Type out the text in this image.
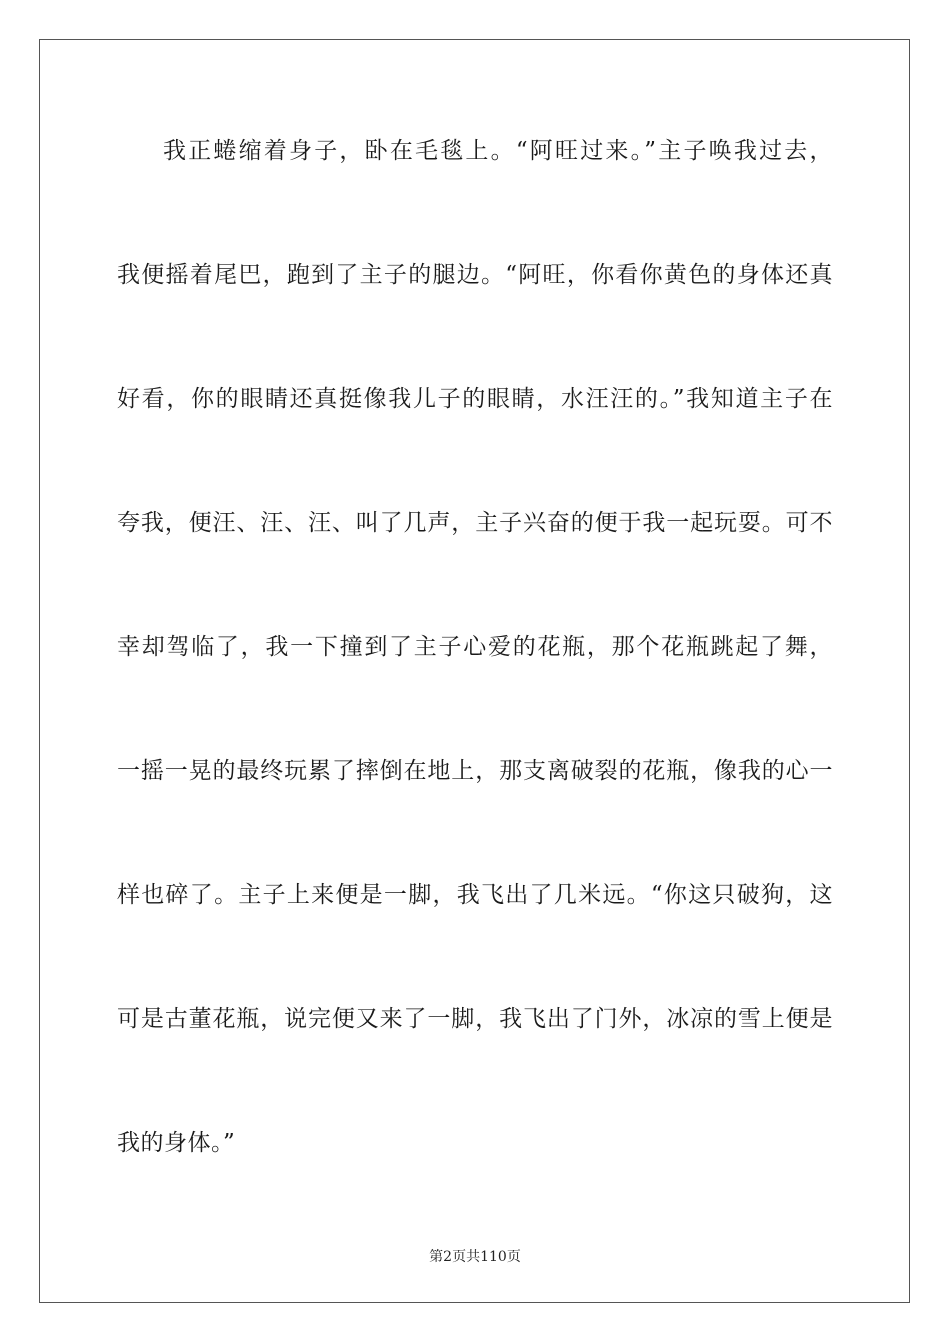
我正蜷缩着身子，卧在毛毯上。“阿旺过来。”主子唤我过去，
我便摇着尾巴，跑到了主子的腿边。“阿旺，你看你黄色的身体还真
好看，你的眼睛还真挺像我儿子的眼睛，水汪汪的。”我知道主子在
夸我，便汪、汪、汪、叫了几声，主子兴奋的便于我一起玩耍。可不
幸却驾临了，我一下撞到了主子心爱的花瓶，那个花瓶跳起了舞，
一摇一晃的最终玩累了摔倒在地上，那支离破裂的花瓶，像我的心一
样也碎了。主子上来便是一脚，我飞出了几米远。“你这只破狗，这
可是古董花瓶，说完便又来了一脚，我飞出了门外，冰凉的雪上便是
我的身体。”
第2页共110页
